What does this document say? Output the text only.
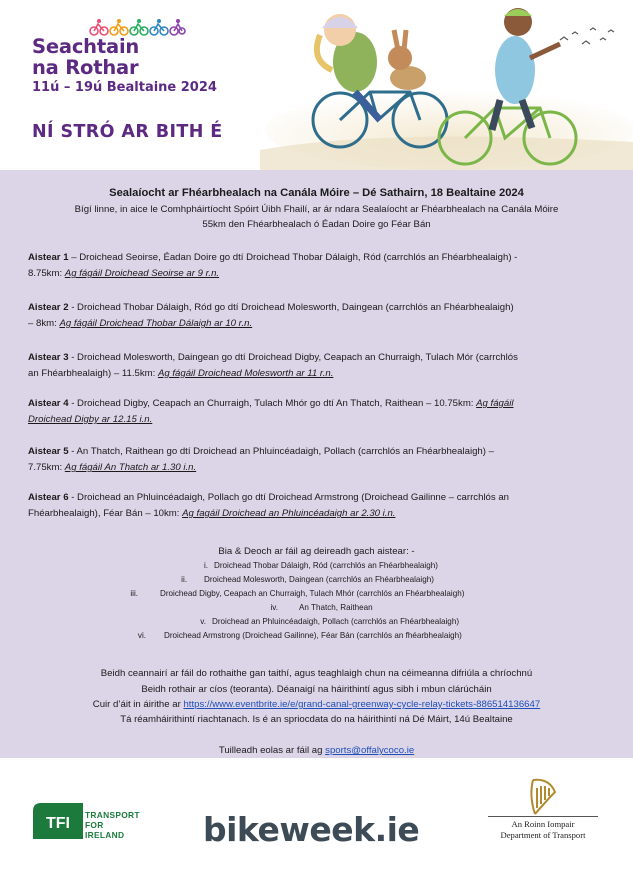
Seachtain
na Rothar
11ú – 19ú Bealtaine 2024
NÍ STRÓ AR BITH É
Sealaíocht ar Fhéarbhealach na Canála Móire – Dé Sathairn, 18 Bealtaine 2024
Bígí linne, in aice le Comhpháirtíocht Spóirt Úibh Fhailí, ar ár ndara Sealaíocht ar Fhéarbhealach na Canála Móire
55km den Fhéarbhealach ó Éadan Doire go Féar Bán
Aistear 1 – Droichead Seoirse, Éadan Doire go dtí Droichead Thobar Dálaigh, Ród (carrchlós an Fhéarbhealaigh) -
8.75km: Ag fágáil Droichead Seoirse ar 9 r.n.
Aistear 2 - Droichead Thobar Dálaigh, Ród go dtí Droichead Molesworth, Daingean (carrchlós an Fhéarbhealaigh)
– 8km: Ag fágáil Droichead Thobar Dálaigh ar 10 r.n.
Aistear 3 - Droichead Molesworth, Daingean go dtí Droichead Digby, Ceapach an Churraigh, Tulach Mór (carrchlós
an Fhéarbhealaigh) – 11.5km: Ag fágáil Droichead Molesworth ar 11 r.n.
Aistear 4 - Droichead Digby, Ceapach an Churraigh, Tulach Mhór go dtí An Thatch, Raithean – 10.75km: Ag fágáil
Droichead Digby ar 12.15 i.n.
Aistear 5 - An Thatch, Raithean go dtí Droichead an Phluincéadaigh, Pollach (carrchlós an Fhéarbhealaigh) –
7.75km: Ag fágáil An Thatch ar 1.30 i.n.
Aistear 6 - Droichead an Phluincéadaigh, Pollach go dtí Droichead Armstrong (Droichead Gailinne – carrchlós an
Fhéarbhealaigh), Féar Bán – 10km: Ag fagáil Droichead an Phluincéadaigh ar 2.30 i.n.
Bia & Deoch ar fáil ag deireadh gach aistear: -
i. Droichead Thobar Dálaigh, Ród (carrchlós an Fhéarbhealaigh)
ii. Droichead Molesworth, Daingean (carrchlós an Fhéarbhealaigh)
iii.	Droichead Digby, Ceapach an Churraigh, Tulach Mhór (carrchlós an Fhéarbhealaigh)
iv.	An Thatch, Raithean
v. Droichead an Phluincéadaigh, Pollach (carrchlós an Fhéarbhealaigh)
vi. Droichead Armstrong (Droichead Gailinne), Féar Bán (carrchlós an fhéarbhealaigh)
Beidh ceannairí ar fáil do rothaithe gan taithí, agus teaghlaigh chun na céimeanna difriúla a chríochnú
Beidh rothair ar cíos (teoranta). Déanaigí na háirithintí agus sibh i mbun clárúcháin
Cuir d’áit in áirithe ar https://www.eventbrite.ie/e/grand-canal-greenway-cycle-relay-tickets-886514136647
Tá réamháirithintí riachtanach. Is é an spriocdata do na háirithintí ná Dé Máirt, 14ú Bealtaine
Tuilleadh eolas ar fáil ag sports@offalycoco.ie
TFI TRANSPORT
FOR
IRELAND	bikeweek.ie	An Roinn Iompair
Department of Transport
